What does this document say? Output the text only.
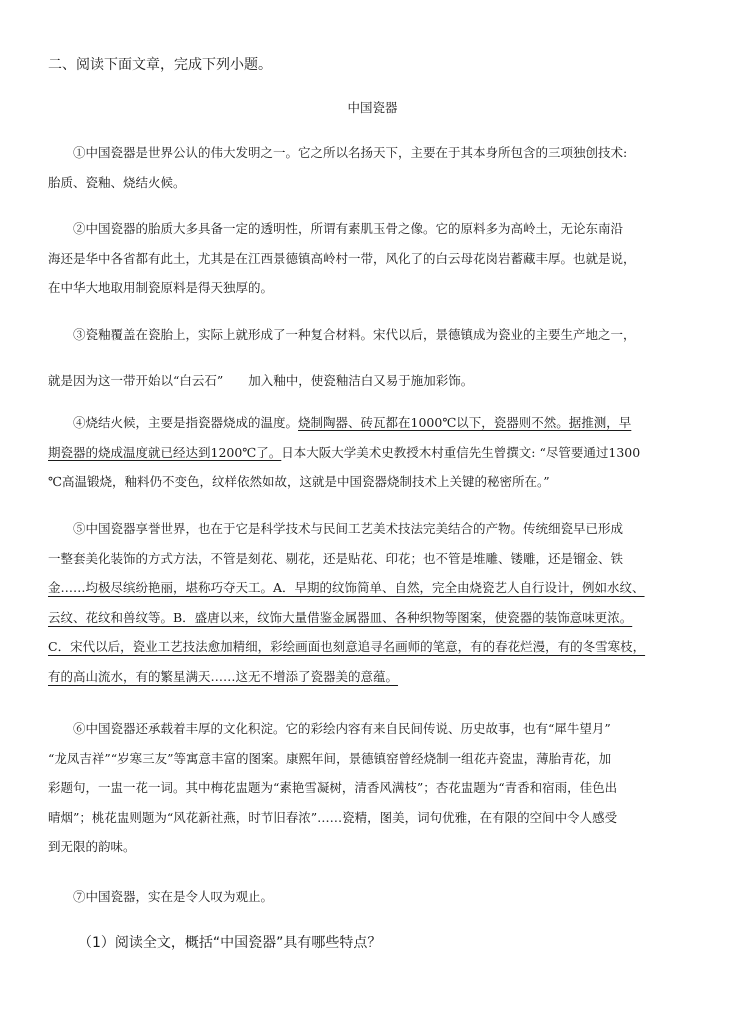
二、阅读下面文章，完成下列小题。
中国瓷器
①中国瓷器是世界公认的伟大发明之一。它之所以名扬天下，主要在于其本身所包含的三项独创技术:
胎质、瓷釉、烧结火候。
②中国瓷器的胎质大多具备一定的透明性，所谓有素肌玉骨之像。它的原料多为高岭土，无论东南沿
海还是华中各省都有此土，尤其是在江西景德镇高岭村一带，风化了的白云母花岗岩蓄藏丰厚。也就是说，
在中华大地取用制瓷原料是得天独厚的。
③瓷釉覆盖在瓷胎上，实际上就形成了一种复合材料。宋代以后，景德镇成为瓷业的主要生产地之一，
就是因为这一带开始以“白云石”　　加入釉中，使瓷釉洁白又易于施加彩饰。
④烧结火候，主要是指瓷器烧成的温度。烧制陶器、砖瓦都在1000℃以下，瓷器则不然。据推测，早
期瓷器的烧成温度就已经达到1200℃了。日本大阪大学美术史教授木村重信先生曾撰文: “尽管要通过1300
℃高温锻烧，釉料仍不变色，纹样依然如故，这就是中国瓷器烧制技术上关键的秘密所在。”
⑤中国瓷器享誉世界，也在于它是科学技术与民间工艺美术技法完美结合的产物。传统细瓷早已形成
一整套美化装饰的方式方法，不管是刻花、剔花，还是贴花、印花；也不管是堆雕、镂雕，还是镏金、铁
金……均极尽缤纷艳丽，堪称巧夺天工。A．早期的纹饰简单、自然，完全由烧瓷艺人自行设计，例如水纹、
云纹、花纹和兽纹等。B．盛唐以来，纹饰大量借鉴金属器皿、各种织物等图案，使瓷器的装饰意味更浓。
C．宋代以后，瓷业工艺技法愈加精细，彩绘画面也刻意追寻名画师的笔意，有的春花烂漫，有的冬雪寒枝，
有的高山流水，有的繁星满天……这无不增添了瓷器美的意蕴。
⑥中国瓷器还承载着丰厚的文化积淀。它的彩绘内容有来自民间传说、历史故事，也有“犀牛望月”
“龙凤吉祥”“岁寒三友”等寓意丰富的图案。康熙年间，景德镇窑曾经烧制一组花卉瓷盅，薄胎青花，加
彩题句，一盅一花一词。其中梅花盅题为“素艳雪凝树，清香风满枝”；杏花盅题为“青香和宿雨，佳色出
晴烟”；桃花盅则题为“风花新社燕，时节旧春浓”……瓷精，图美，词句优雅，在有限的空间中令人感受
到无限的韵味。
⑦中国瓷器，实在是令人叹为观止。
（1）阅读全文，概括“中国瓷器”具有哪些特点？
